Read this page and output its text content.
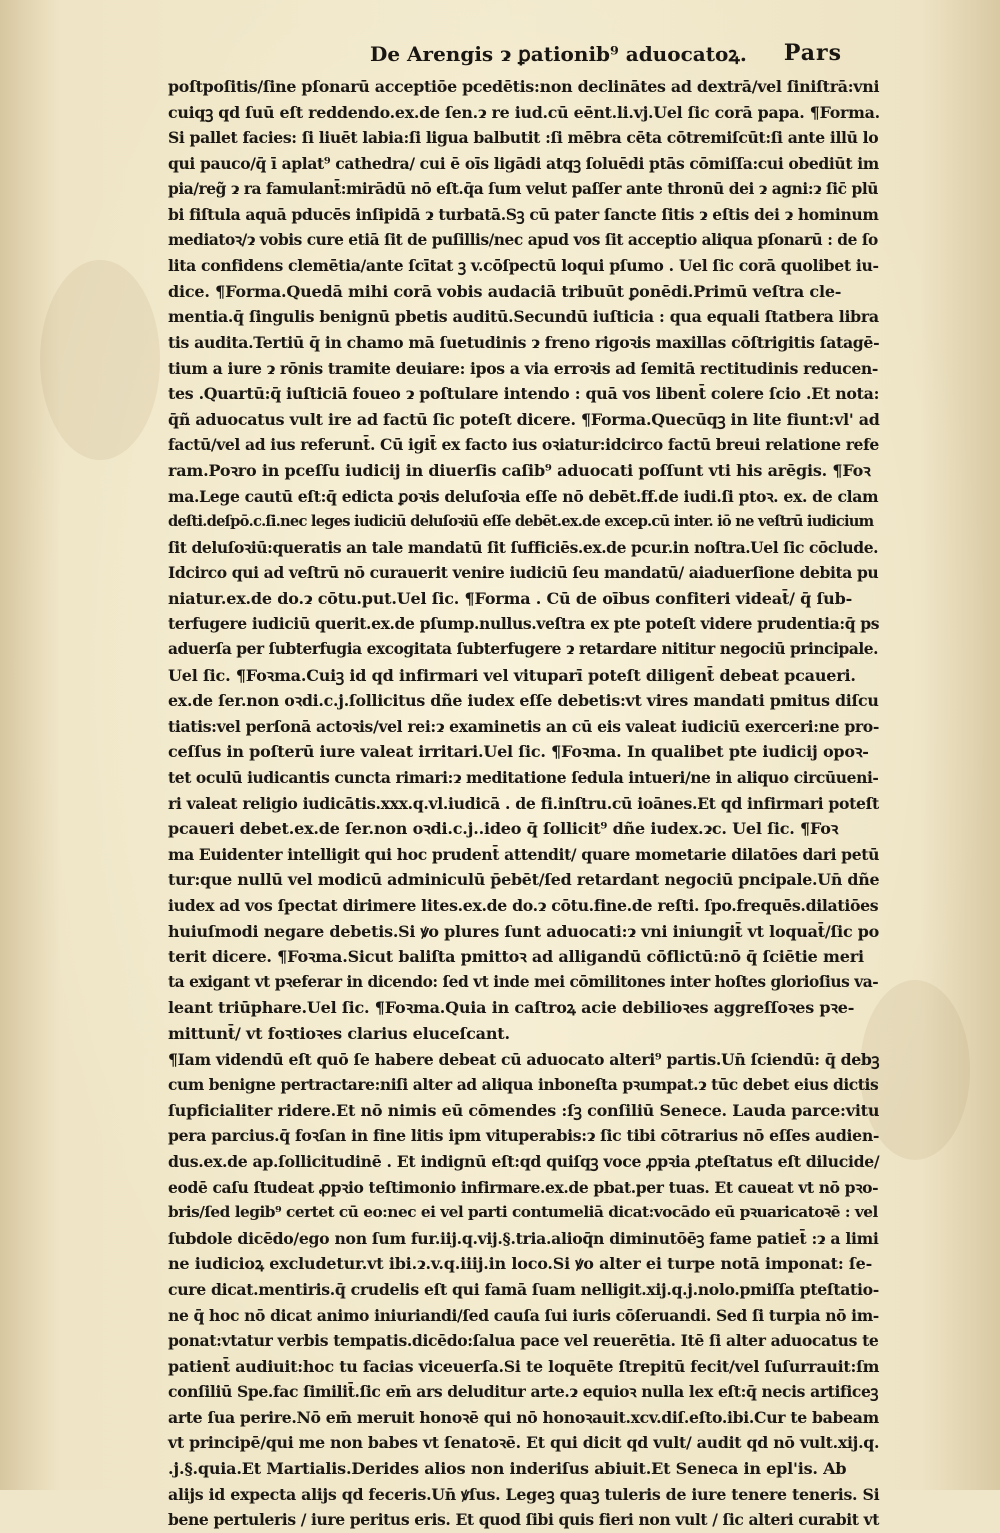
De Arengis ɂ ꝑationib⁹ aduocatoꝝ. Pars
poſtpoſitis/ſine pſonarū acceptiōe pcedētis:non declinātes ad dextrā/vel ſiniſtrā:vni
cuiqꝫ qd ſuū eſt reddendo.ex.de ſen.ɂ re iud.cū eēnt.li.vj.Uel ſic corā papa. ¶Forma.
Si pallet facies: ſi liuēt labia:ſi ligua balbutit :ſi mēbra cēta cōtremiſcūt:ſi ante illū lo
qui pauco/q̄ ī aplat⁹ cathedra/ cui ē oīs ligādi atqꝫ ſoluēdi ptās cōmiſſa:cui obediūt im
pia/reg̃ ɂ ra famulant̄:mirādū nō eſt.q̄a ſum velut paſſer ante thronū dei ɂ agni:ɂ ſic̄ plū
bi fiſtula aquā pducēs inſipidā ɂ turbatā.Sꝫ cū pater ſancte ſitis ɂ eſtis dei ɂ hominum
mediatoꝛ/ɂ vobis cure etiā ſit de puſillis/nec apud vos ſit acceptio aliqua pſonarū : de ſo
lita confidens clemētia/ante ſcītat ꝫ v.cōſpectū loqui pſumo . Uel ſic corā quolibet iu-
dice. ¶Forma.Quedā mihi corā vobis audaciā tribuūt ꝑonēdi.Primū veſtra cle-
mentia.q̄ ſingulis benignū pbetis auditū.Secundū iuſticia : qua equali ſtatbera libra
tis audita.Tertiū q̄ in chamo mā ſuetudinis ɂ freno rigoꝛis maxillas cōſtrigitis ſatagē-
tium a iure ɂ rōnis tramite deuiare: ipos a via erroꝛis ad ſemitā rectitudinis reducen-
tes .Quartū:q̄ iuſticiā foueo ɂ poſtulare intendo : quā vos libent̄ colere ſcio .Et nota:
q̄ñ aduocatus vult ire ad factū ſic poteſt dicere. ¶Forma.Quecūqꝫ in lite fiunt:vl' ad
factū/vel ad ius referunt̄. Cū igit̄ ex facto ius oꝛiatur:idcirco factū breui relatione refe
ram.Poꝛro in pceſſu iudicij in diuerſis caſib⁹ aduocati poſſunt vti his arēgis. ¶Foꝛ
ma.Lege cautū eſt:q̄ edicta ꝑoꝛis deluſoꝛia eſſe nō debēt.ff.de iudi.ſi ptoꝛ. ex. de clam
deſti.deſpō.c.ſi.nec leges iudiciū deluſoꝛiū eſſe debēt.ex.de excep.cū inter. iō ne veſtrū iudicium
ſit deluſoꝛiū:queratis an tale mandatū ſit ſufficiēs.ex.de pcur.in noſtra.Uel ſic cōclude.
Idcirco qui ad veſtrū nō curauerit venire iudiciū ſeu mandatū/ aiaduerſione debita pu
niatur.ex.de do.ɂ cōtu.put.Uel ſic. ¶Forma . Cū de oībus confiteri videat̄/ q̄ ſub-
terfugere iudiciū querit.ex.de pſump.nullus.veſtra ex pte poteſt videre prudentia:q̄ ps
aduerſa per ſubterfugia excogitata ſubterfugere ɂ retardare nititur negociū principale.
Uel ſic. ¶Foꝛma.Cuiꝫ id qd infirmari vel vituparī poteſt diligent̄ debeat pcaueri.
ex.de ſer.non oꝛdi.c.j.ſollicitus dñe iudex eſſe debetis:vt vires mandati pmitus diſcu
tiatis:vel perſonā actoꝛis/vel rei:ɂ examinetis an cū eis valeat iudiciū exerceri:ne pro-
ceſſus in poſterū iure valeat irritari.Uel ſic. ¶Foꝛma. In qualibet pte iudicij opoꝛ-
tet oculū iudicantis cuncta rimari:ɂ meditatione ſedula intueri/ne in aliquo circūueni-
ri valeat religio iudicātis.xxx.q.vl.iudicā . de fi.inſtru.cū ioānes.Et qd infirmari poteſt
pcaueri debet.ex.de ſer.non oꝛdi.c.j..ideo q̄ ſollicit⁹ dñe iudex.ɂc. Uel ſic. ¶Foꝛ
ma Euidenter intelligit qui hoc prudent̄ attendit/ quare mometarie dilatōes dari petū
tur:que nullū vel modicū adminiculū p̄ebēt/ſed retardant negociū pncipale.Un̄ dñe
iudex ad vos ſpectat dirimere lites.ex.de do.ɂ cōtu.fine.de reſti. ſpo.frequēs.dilatiōes
huiuſmodi negare debetis.Si ꝟo plures ſunt aduocati:ɂ vni iniungit̄ vt loquat̄/ſic po
terit dicere. ¶Foꝛma.Sicut baliſta pmittoꝛ ad alligandū cōflictū:nō q̄ ſciētie meri
ta exigant vt pꝛeferar in dicendo: ſed vt inde mei cōmilitones inter hoſtes glorioſius va-
leant triūphare.Uel ſic. ¶Foꝛma.Quia in caſtroꝝ acie debilioꝛes aggreſſoꝛes pꝛe-
mittunt̄/ vt foꝛtioꝛes clarius eluceſcant.
¶Iam videndū eſt quō ſe habere debeat cū aduocato alteri⁹ partis.Un̄ ſciendū: q̄ debꝫ
cum benigne pertractare:niſi alter ad aliqua inboneſta pꝛumpat.ɂ tūc debet eius dictis
ſupficialiter ridere.Et nō nimis eū cōmendes :ſꝫ conſiliū Senece. Lauda parce:vitu
pera parcius.q̄ foꝛſan in fine litis ipm vituperabis:ɂ ſic tibi cōtrarius nō eſſes audien-
dus.ex.de ap.ſollicitudinē . Et indignū eſt:qd quiſqꝫ voce ꝓpꝛia ꝓteſtatus eſt dilucide/
eodē caſu ſtudeat ꝓpꝛio teſtimonio infirmare.ex.de pbat.per tuas. Et caueat vt nō pꝛo-
bris/ſed legib⁹ certet cū eo:nec ei vel parti contumeliā dicat:vocādo eū pꝛuaricatoꝛē : vel
ſubdole dicēdo/ego non ſum fur.iij.q.vij.§.tria.alioq̄n diminutōēꝫ fame patiet̄ :ɂ a limi
ne iudicioꝝ excludetur.vt ibi.ɂ.v.q.iiij.in loco.Si ꝟo alter ei turpe notā imponat: ſe-
cure dicat.mentiris.q̄ crudelis eſt qui famā ſuam nelligit.xij.q.j.nolo.pmiſſa pteſtatio-
ne q̄ hoc nō dicat animo iniuriandi/ſed cauſa ſui iuris cōſeruandi. Sed ſi turpia nō im-
ponat:vtatur verbis tempatis.dicēdo:ſalua pace vel reuerētia. Itē ſi alter aduocatus te
patient̄ audiuit:hoc tu facias viceuerſa.Si te loquēte ſtrepitū fecit/vel ſuſurrauit:ſm
conſiliū Spe.fac ſimilit̄.ſic em̄ ars deluditur arte.ɂ equioꝛ nulla lex eſt:q̄ necis artificeꝫ
arte ſua perire.Nō em̄ meruit honoꝛē qui nō honoꝛauit.xcv.diſ.eſto.ibi.Cur te babeam
vt principē/qui me non babes vt ſenatoꝛē. Et qui dicit qd vult/ audit qd nō vult.xij.q.
.j.§.quia.Et Martialis.Derides alios non inderiſus abiuit.Et Seneca in epl'is. Ab
alijs id expecta alijs qd feceris.Un̄ ꝟſus. Legeꝫ quaꝫ tuleris de iure tenere teneris. Si
bene pertuleris / iure peritus eris. Et quod ſibi quis fieri non vult / ſic alteri curabit vt
